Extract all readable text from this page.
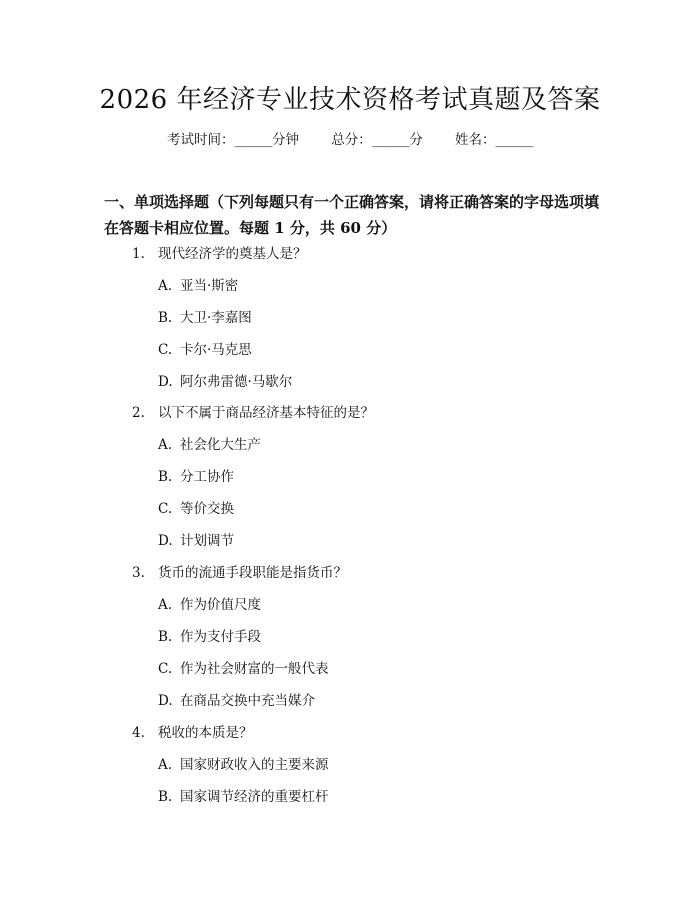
2026 年经济专业技术资格考试真题及答案
考试时间：______分钟 总分：______分 姓名：______
一、单项选择题（下列每题只有一个正确答案，请将正确答案的字母选项填在答题卡相应位置。每题 1 分，共 60 分）
1. 现代经济学的奠基人是？
A. 亚当·斯密
B. 大卫·李嘉图
C. 卡尔·马克思
D. 阿尔弗雷德·马歇尔
2. 以下不属于商品经济基本特征的是？
A. 社会化大生产
B. 分工协作
C. 等价交换
D. 计划调节
3. 货币的流通手段职能是指货币？
A. 作为价值尺度
B. 作为支付手段
C. 作为社会财富的一般代表
D. 在商品交换中充当媒介
4. 税收的本质是？
A. 国家财政收入的主要来源
B. 国家调节经济的重要杠杆
